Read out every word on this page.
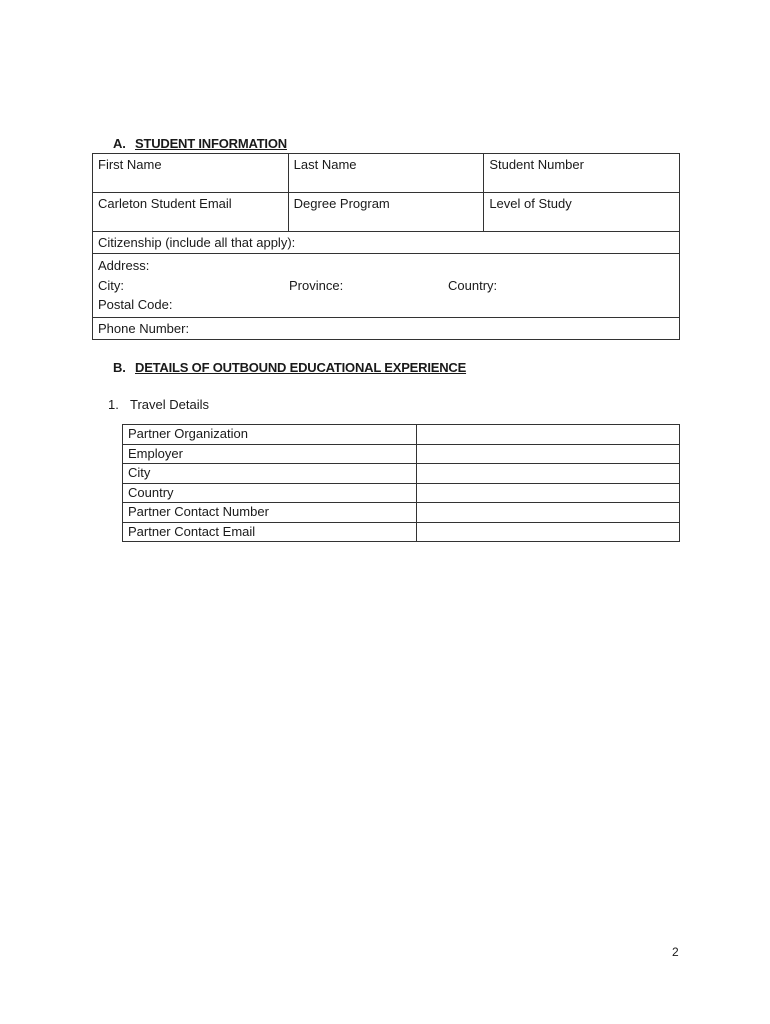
A. STUDENT INFORMATION
First Name	Last Name	Student Number
Carleton Student Email	Degree Program	Level of Study
Citizenship (include all that apply):		

Address:
City: Province: Country:
Postal Code:		

Phone Number:		
B. DETAILS OF OUTBOUND EDUCATIONAL EXPERIENCE
1. Travel Details
Partner Organization	
Employer	
City	
Country	
Partner Contact Number	
Partner Contact Email	
2
